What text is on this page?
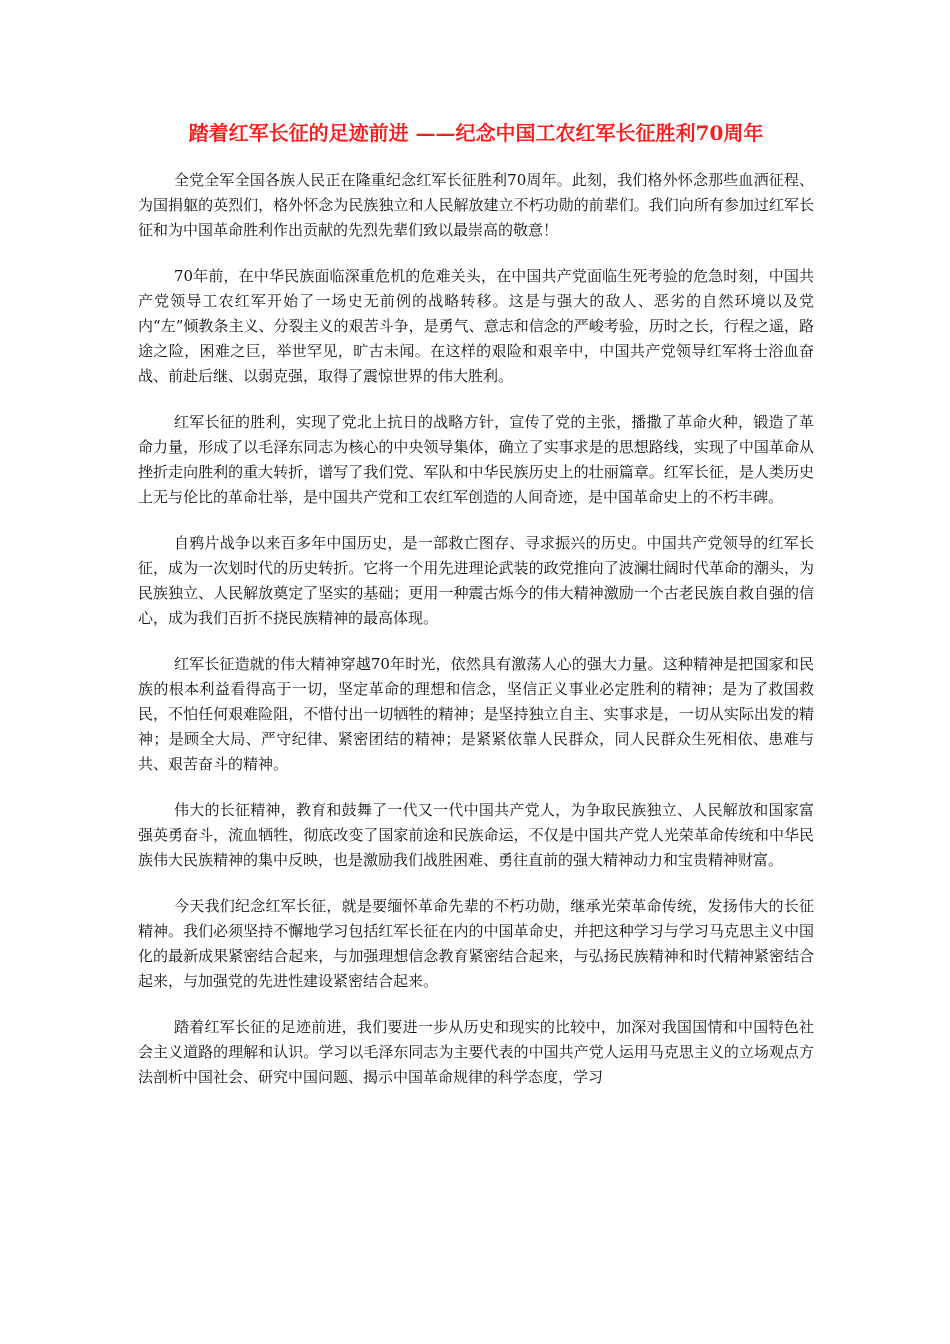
踏着红军长征的足迹前进 ——纪念中国工农红军长征胜利70周年

全党全军全国各族人民正在隆重纪念红军长征胜利70周年。此刻，我们格外怀念那些血洒征程、为国捐躯的英烈们，格外怀念为民族独立和人民解放建立不朽功勋的前辈们。我们向所有参加过红军长征和为中国革命胜利作出贡献的先烈先辈们致以最崇高的敬意！

70年前，在中华民族面临深重危机的危难关头，在中国共产党面临生死考验的危急时刻，中国共产党领导工农红军开始了一场史无前例的战略转移。这是与强大的敌人、恶劣的自然环境以及党内“左”倾教条主义、分裂主义的艰苦斗争，是勇气、意志和信念的严峻考验，历时之长，行程之遥，路途之险，困难之巨，举世罕见，旷古未闻。在这样的艰险和艰辛中，中国共产党领导红军将士浴血奋战、前赴后继、以弱克强，取得了震惊世界的伟大胜利。

红军长征的胜利，实现了党北上抗日的战略方针，宣传了党的主张，播撒了革命火种，锻造了革命力量，形成了以毛泽东同志为核心的中央领导集体，确立了实事求是的思想路线，实现了中国革命从挫折走向胜利的重大转折，谱写了我们党、军队和中华民族历史上的壮丽篇章。红军长征，是人类历史上无与伦比的革命壮举，是中国共产党和工农红军创造的人间奇迹，是中国革命史上的不朽丰碑。

自鸦片战争以来百多年中国历史，是一部救亡图存、寻求振兴的历史。中国共产党领导的红军长征，成为一次划时代的历史转折。它将一个用先进理论武装的政党推向了波澜壮阔时代革命的潮头，为民族独立、人民解放奠定了坚实的基础；更用一种震古烁今的伟大精神激励一个古老民族自救自强的信心，成为我们百折不挠民族精神的最高体现。

红军长征造就的伟大精神穿越70年时光，依然具有激荡人心的强大力量。这种精神是把国家和民族的根本利益看得高于一切，坚定革命的理想和信念，坚信正义事业必定胜利的精神；是为了救国救民，不怕任何艰难险阻，不惜付出一切牺牲的精神；是坚持独立自主、实事求是，一切从实际出发的精神；是顾全大局、严守纪律、紧密团结的精神；是紧紧依靠人民群众，同人民群众生死相依、患难与共、艰苦奋斗的精神。

伟大的长征精神，教育和鼓舞了一代又一代中国共产党人，为争取民族独立、人民解放和国家富强英勇奋斗，流血牺牲，彻底改变了国家前途和民族命运，不仅是中国共产党人光荣革命传统和中华民族伟大民族精神的集中反映，也是激励我们战胜困难、勇往直前的强大精神动力和宝贵精神财富。

今天我们纪念红军长征，就是要缅怀革命先辈的不朽功勋，继承光荣革命传统，发扬伟大的长征精神。我们必须坚持不懈地学习包括红军长征在内的中国革命史，并把这种学习与学习马克思主义中国化的最新成果紧密结合起来，与加强理想信念教育紧密结合起来，与弘扬民族精神和时代精神紧密结合起来，与加强党的先进性建设紧密结合起来。

踏着红军长征的足迹前进，我们要进一步从历史和现实的比较中，加深对我国国情和中国特色社会主义道路的理解和认识。学习以毛泽东同志为主要代表的中国共产党人运用马克思主义的立场观点方法剖析中国社会、研究中国问题、揭示中国革命规律的科学态度，学习
